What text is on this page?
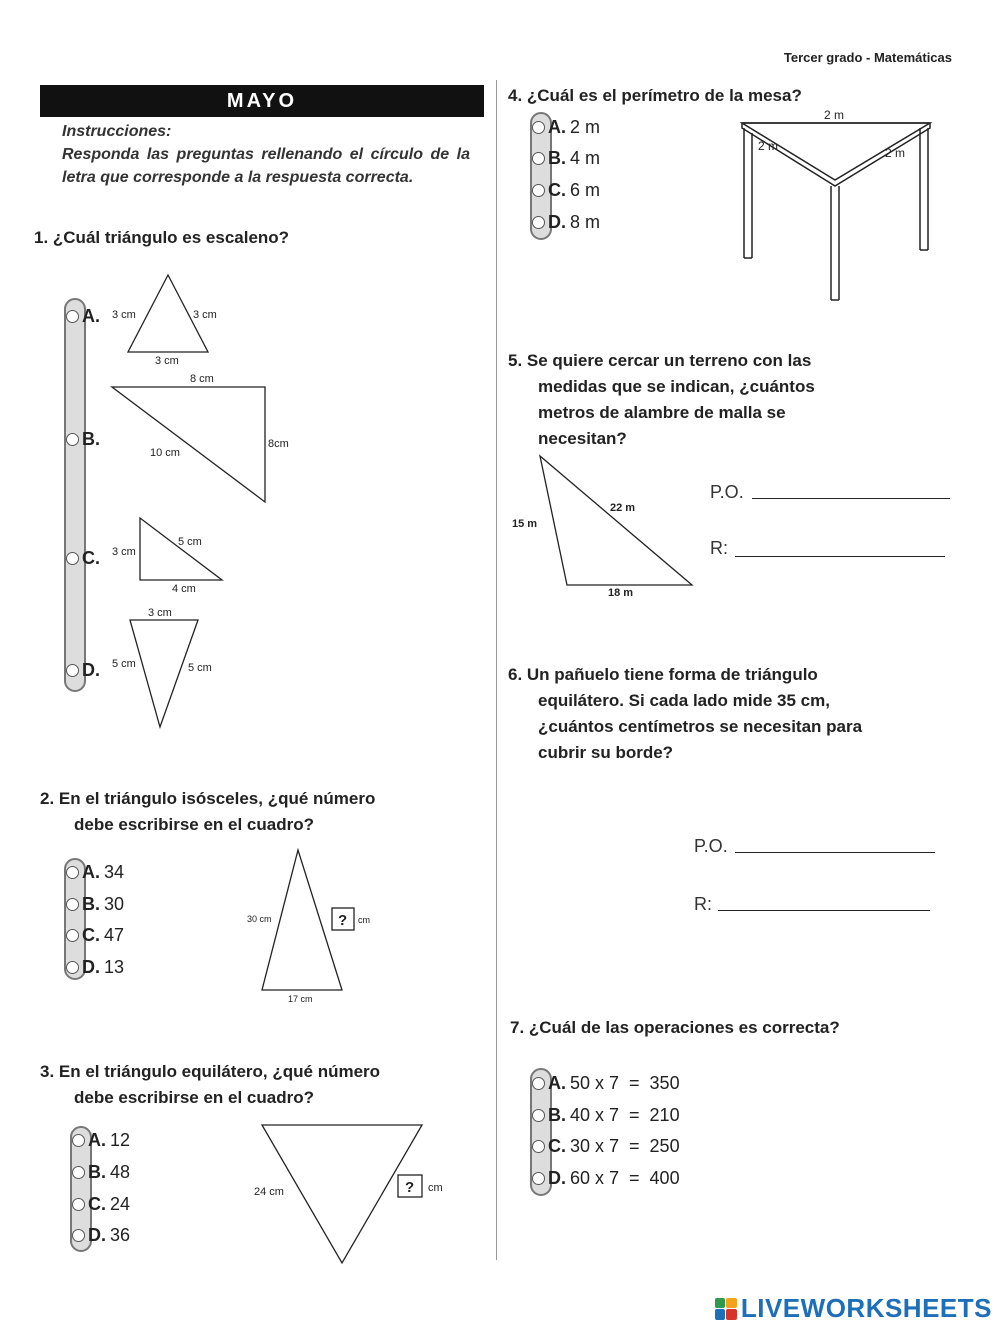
Tercer grado - Matemáticas
MAYO
Instrucciones:
Responda las preguntas rellenando el círculo de la letra que corresponde a la respuesta correcta.
1. ¿Cuál triángulo es escaleno?
A.
B.
C.
D.
3 cm	3 cm
3 cm
8 cm
10 cm
8cm
3 cm
5 cm
4 cm
3 cm
5 cm	5 cm
2. En el triángulo isósceles, ¿qué número
debe escribirse en el cuadro?
A. 34
B. 30
C. 47
D. 13
30 cm	? cm
17 cm
3. En el triángulo equilátero, ¿qué número
debe escribirse en el cuadro?
A. 12
B. 48
C. 24
D. 36
24 cm	? cm
4. ¿Cuál es el perímetro de la mesa?
A. 2 m
B. 4 m
C. 6 m
D. 8 m
2 m
2 m	2 m
5. Se quiere cercar un terreno con las
medidas que se indican, ¿cuántos
metros de alambre de malla se
necesitan?
15 m
22 m
18 m
P.O.
R:
6. Un pañuelo tiene forma de triángulo
equilátero. Si cada lado mide 35 cm,
¿cuántos centímetros se necesitan para
cubrir su borde?
P.O.
R:
7. ¿Cuál de las operaciones es correcta?
A. 50 x 7  =  350
B. 40 x 7  =  210
C. 30 x 7  =  250
D. 60 x 7  =  400
LIVEWORKSHEETS
